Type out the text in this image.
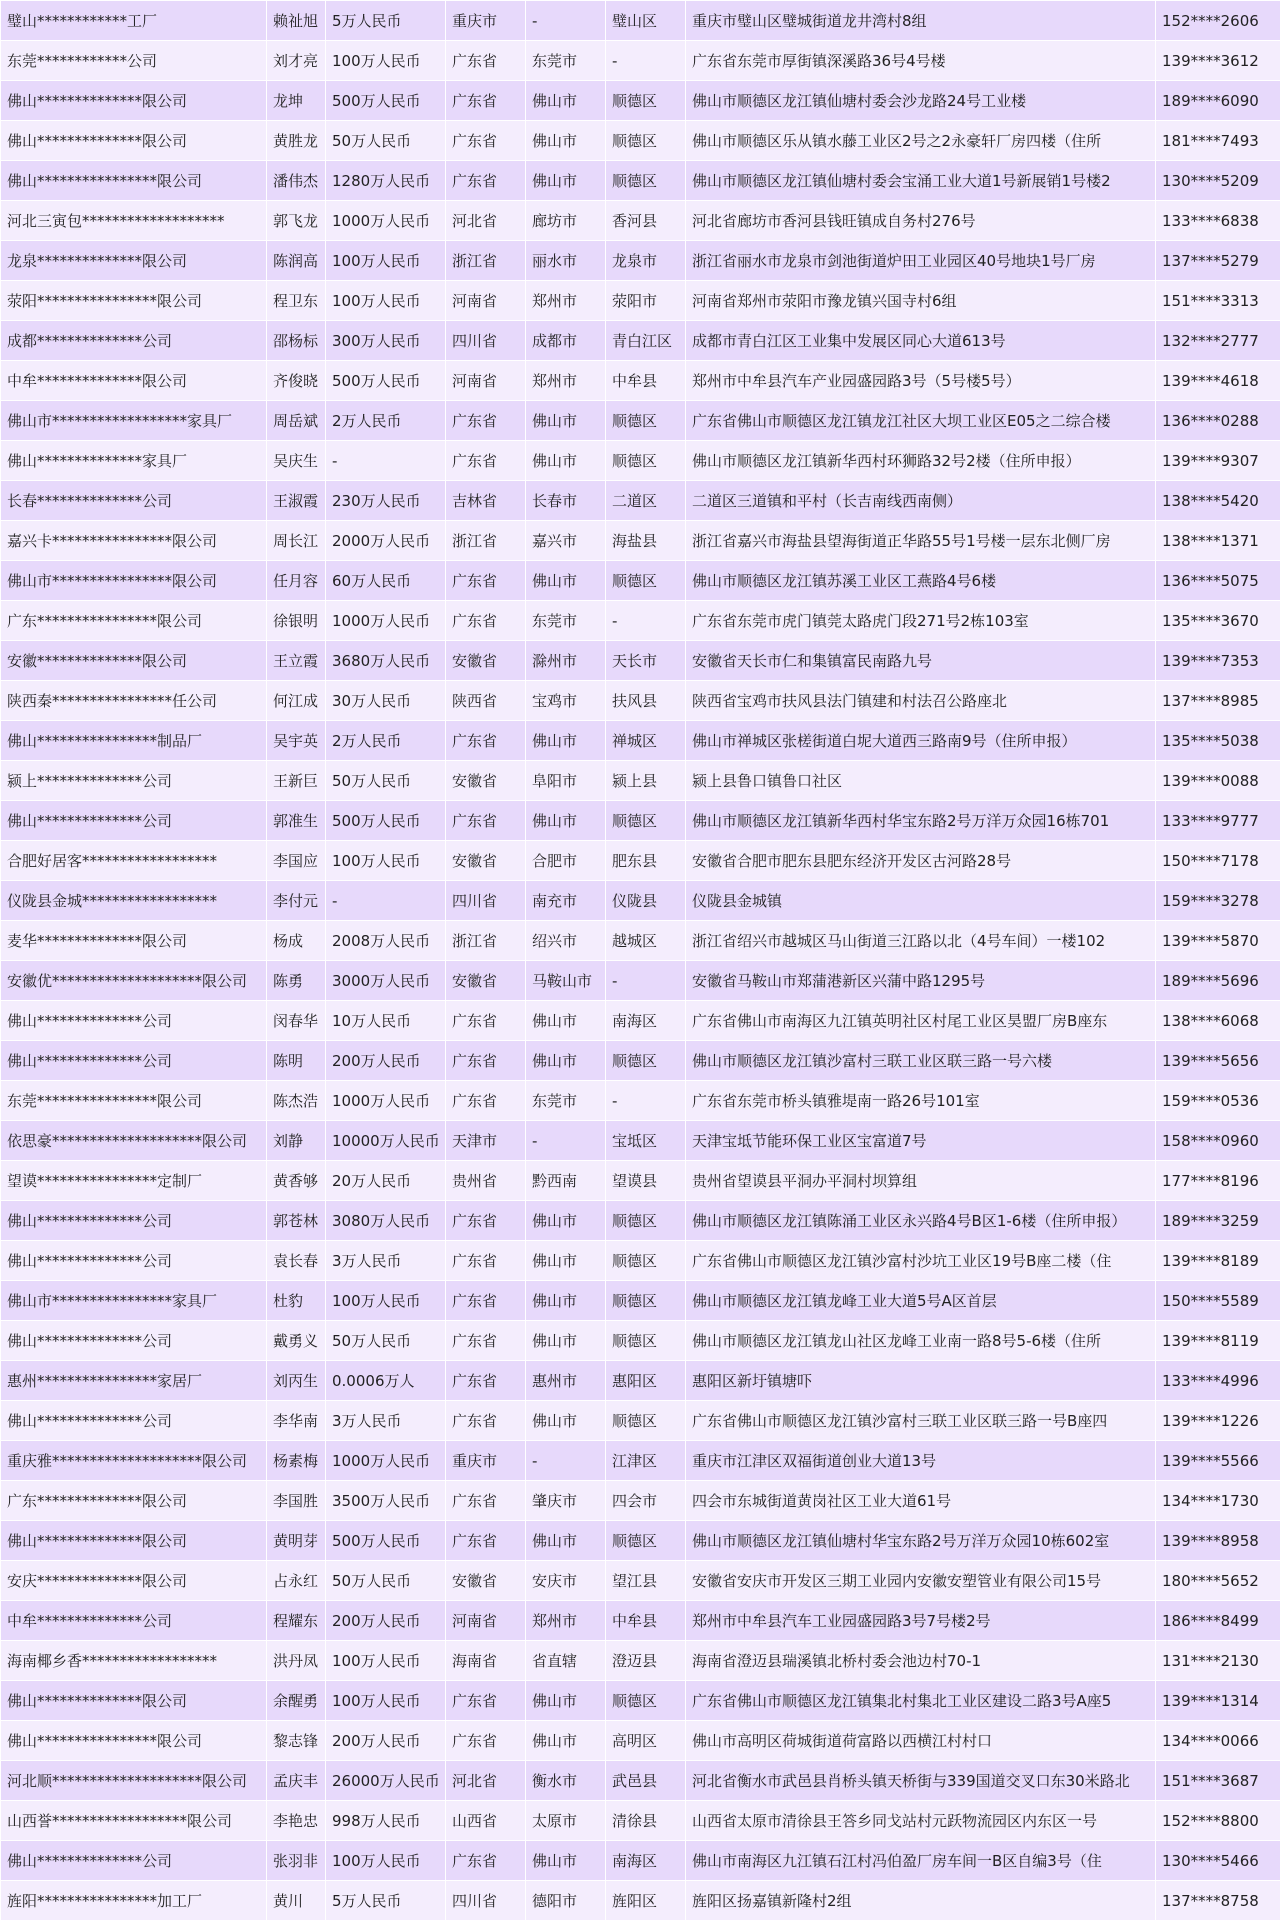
璧山************工厂	赖祉旭	5万人民币	重庆市	-	璧山区	重庆市璧山区璧城街道龙井湾村8组	152****2606
东莞************公司	刘才亮	100万人民币	广东省	东莞市	-	广东省东莞市厚街镇深溪路36号4号楼	139****3612
佛山**************限公司	龙坤	500万人民币	广东省	佛山市	顺德区	佛山市顺德区龙江镇仙塘村委会沙龙路24号工业楼	189****6090
佛山**************限公司	黄胜龙	50万人民币	广东省	佛山市	顺德区	佛山市顺德区乐从镇水藤工业区2号之2永豪轩厂房四楼（住所	181****7493
佛山****************限公司	潘伟杰	1280万人民币	广东省	佛山市	顺德区	佛山市顺德区龙江镇仙塘村委会宝涌工业大道1号新展销1号楼2	130****5209
河北三寅包*******************	郭飞龙	1000万人民币	河北省	廊坊市	香河县	河北省廊坊市香河县钱旺镇成自务村276号	133****6838
龙泉**************限公司	陈润高	100万人民币	浙江省	丽水市	龙泉市	浙江省丽水市龙泉市剑池街道炉田工业园区40号地块1号厂房	137****5279
荥阳****************限公司	程卫东	100万人民币	河南省	郑州市	荥阳市	河南省郑州市荥阳市豫龙镇兴国寺村6组	151****3313
成都**************公司	邵杨标	300万人民币	四川省	成都市	青白江区	成都市青白江区工业集中发展区同心大道613号	132****2777
中牟**************限公司	齐俊晓	500万人民币	河南省	郑州市	中牟县	郑州市中牟县汽车产业园盛园路3号（5号楼5号）	139****4618
佛山市******************家具厂	周岳斌	2万人民币	广东省	佛山市	顺德区	广东省佛山市顺德区龙江镇龙江社区大坝工业区E05之二综合楼	136****0288
佛山**************家具厂	吴庆生	-	广东省	佛山市	顺德区	佛山市顺德区龙江镇新华西村环狮路32号2楼（住所申报）	139****9307
长春**************公司	王淑霞	230万人民币	吉林省	长春市	二道区	二道区三道镇和平村（长吉南线西南侧）	138****5420
嘉兴卡****************限公司	周长江	2000万人民币	浙江省	嘉兴市	海盐县	浙江省嘉兴市海盐县望海街道正华路55号1号楼一层东北侧厂房	138****1371
佛山市****************限公司	任月容	60万人民币	广东省	佛山市	顺德区	佛山市顺德区龙江镇苏溪工业区工燕路4号6楼	136****5075
广东****************限公司	徐银明	1000万人民币	广东省	东莞市	-	广东省东莞市虎门镇莞太路虎门段271号2栋103室	135****3670
安徽**************限公司	王立霞	3680万人民币	安徽省	滁州市	天长市	安徽省天长市仁和集镇富民南路九号	139****7353
陕西秦****************任公司	何江成	30万人民币	陕西省	宝鸡市	扶风县	陕西省宝鸡市扶风县法门镇建和村法召公路座北	137****8985
佛山****************制品厂	吴宇英	2万人民币	广东省	佛山市	禅城区	佛山市禅城区张槎街道白坭大道西三路南9号（住所申报）	135****5038
颍上**************公司	王新巨	50万人民币	安徽省	阜阳市	颍上县	颍上县鲁口镇鲁口社区	139****0088
佛山**************公司	郭准生	500万人民币	广东省	佛山市	顺德区	佛山市顺德区龙江镇新华西村华宝东路2号万洋万众园16栋701	133****9777
合肥好居客******************	李国应	100万人民币	安徽省	合肥市	肥东县	安徽省合肥市肥东县肥东经济开发区古河路28号	150****7178
仪陇县金城******************	李付元	-	四川省	南充市	仪陇县	仪陇县金城镇	159****3278
麦华**************限公司	杨成	2008万人民币	浙江省	绍兴市	越城区	浙江省绍兴市越城区马山街道三江路以北（4号车间）一楼102	139****5870
安徽优********************限公司	陈勇	3000万人民币	安徽省	马鞍山市	-	安徽省马鞍山市郑蒲港新区兴蒲中路1295号	189****5696
佛山**************公司	闵春华	10万人民币	广东省	佛山市	南海区	广东省佛山市南海区九江镇英明社区村尾工业区昊盟厂房B座东	138****6068
佛山**************公司	陈明	200万人民币	广东省	佛山市	顺德区	佛山市顺德区龙江镇沙富村三联工业区联三路一号六楼	139****5656
东莞****************限公司	陈杰浩	1000万人民币	广东省	东莞市	-	广东省东莞市桥头镇雅堤南一路26号101室	159****0536
依思豪********************限公司	刘静	10000万人民币	天津市	-	宝坻区	天津宝坻节能环保工业区宝富道7号	158****0960
望谟****************定制厂	黄香够	20万人民币	贵州省	黔西南	望谟县	贵州省望谟县平洞办平洞村坝算组	177****8196
佛山**************公司	郭苍林	3080万人民币	广东省	佛山市	顺德区	佛山市顺德区龙江镇陈涌工业区永兴路4号B区1-6楼（住所申报）	189****3259
佛山**************公司	袁长春	3万人民币	广东省	佛山市	顺德区	广东省佛山市顺德区龙江镇沙富村沙坑工业区19号B座二楼（住	139****8189
佛山市****************家具厂	杜豹	100万人民币	广东省	佛山市	顺德区	佛山市顺德区龙江镇龙峰工业大道5号A区首层	150****5589
佛山**************公司	戴勇义	50万人民币	广东省	佛山市	顺德区	佛山市顺德区龙江镇龙山社区龙峰工业南一路8号5-6楼（住所	139****8119
惠州****************家居厂	刘丙生	0.0006万人	广东省	惠州市	惠阳区	惠阳区新圩镇塘吓	133****4996
佛山**************公司	李华南	3万人民币	广东省	佛山市	顺德区	广东省佛山市顺德区龙江镇沙富村三联工业区联三路一号B座四	139****1226
重庆雅********************限公司	杨素梅	1000万人民币	重庆市	-	江津区	重庆市江津区双福街道创业大道13号	139****5566
广东**************限公司	李国胜	3500万人民币	广东省	肇庆市	四会市	四会市东城街道黄岗社区工业大道61号	134****1730
佛山**************限公司	黄明芽	500万人民币	广东省	佛山市	顺德区	佛山市顺德区龙江镇仙塘村华宝东路2号万洋万众园10栋602室	139****8958
安庆**************限公司	占永红	50万人民币	安徽省	安庆市	望江县	安徽省安庆市开发区三期工业园内安徽安塑管业有限公司15号	180****5652
中牟**************公司	程耀东	200万人民币	河南省	郑州市	中牟县	郑州市中牟县汽车工业园盛园路3号7号楼2号	186****8499
海南椰乡香******************	洪丹凤	100万人民币	海南省	省直辖	澄迈县	海南省澄迈县瑞溪镇北桥村委会池边村70-1	131****2130
佛山**************限公司	余醒勇	100万人民币	广东省	佛山市	顺德区	广东省佛山市顺德区龙江镇集北村集北工业区建设二路3号A座5	139****1314
佛山****************限公司	黎志锋	200万人民币	广东省	佛山市	高明区	佛山市高明区荷城街道荷富路以西横江村村口	134****0066
河北顺********************限公司	孟庆丰	26000万人民币	河北省	衡水市	武邑县	河北省衡水市武邑县肖桥头镇天桥街与339国道交叉口东30米路北	151****3687
山西誉******************限公司	李艳忠	998万人民币	山西省	太原市	清徐县	山西省太原市清徐县王答乡同戈站村元跃物流园区内东区一号	152****8800
佛山**************公司	张羽非	100万人民币	广东省	佛山市	南海区	佛山市南海区九江镇石江村冯伯盈厂房车间一B区自编3号（住	130****5466
旌阳****************加工厂	黄川	5万人民币	四川省	德阳市	旌阳区	旌阳区扬嘉镇新隆村2组	137****8758
